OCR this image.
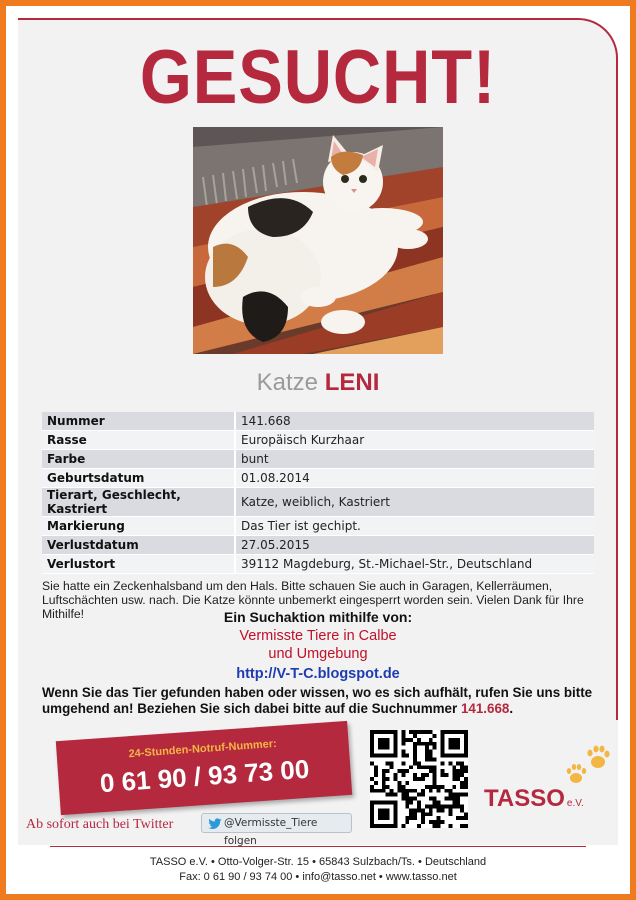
GESUCHT!
Katze LENI
Nummer	141.668
Rasse	Europäisch Kurzhaar
Farbe	bunt
Geburtsdatum	01.08.2014
Tierart, Geschlecht, Kastriert	Katze, weiblich, Kastriert
Markierung	Das Tier ist gechipt.
Verlustdatum	27.05.2015
Verlustort	39112 Magdeburg, St.-Michael-Str., Deutschland
Sie hatte ein Zeckenhalsband um den Hals. Bitte schauen Sie auch in Garagen, Kellerräumen, Luftschächten usw. nach. Die Katze könnte unbemerkt eingesperrt worden sein. Vielen Dank für Ihre Mithilfe!	Ein Suchaktion mithilfe von:
Vermisste Tiere in Calbe
und Umgebung
http://V-T-C.blogspot.de
Wenn Sie das Tier gefunden haben oder wissen, wo es sich aufhält, rufen Sie uns bitte umgehend an! Beziehen Sie sich dabei bitte auf die Suchnummer 141.668.
24-Stunden-Notruf-Nummer:
0 61 90 / 93 73 00
Ab sofort auch bei Twitter	@Vermisste_Tiere folgen
TASSO e.V.
TASSO e.V. • Otto-Volger-Str. 15 • 65843 Sulzbach/Ts. • Deutschland
Fax: 0 61 90 / 93 74 00 • info@tasso.net • www.tasso.net
